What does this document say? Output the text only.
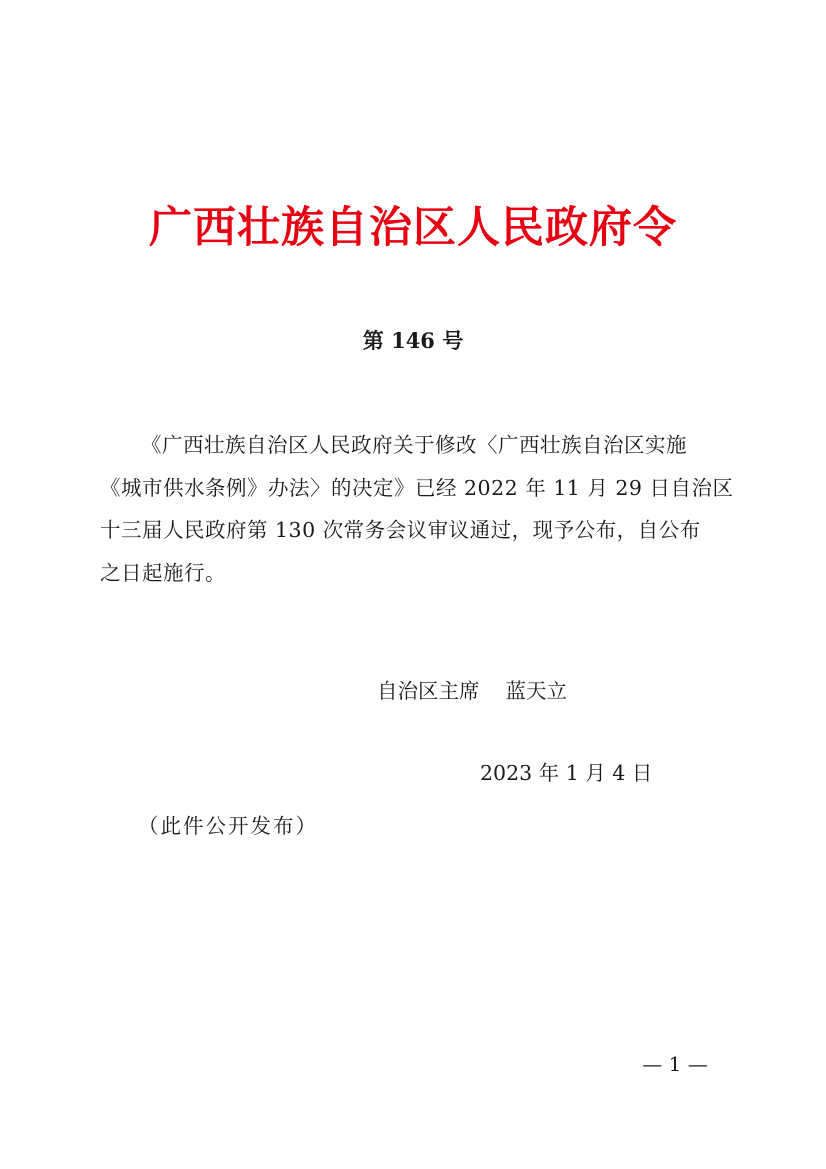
广西壮族自治区人民政府令
第 146 号
《广西壮族自治区人民政府关于修改〈广西壮族自治区实施
《城市供水条例》办法〉的决定》已经 2022 年 11 月 29 日自治区
十三届人民政府第 130 次常务会议审议通过，现予公布，自公布
之日起施行。
自治区主席 蓝天立
2023 年 1 月 4 日
（此件公开发布）
— 1 —
